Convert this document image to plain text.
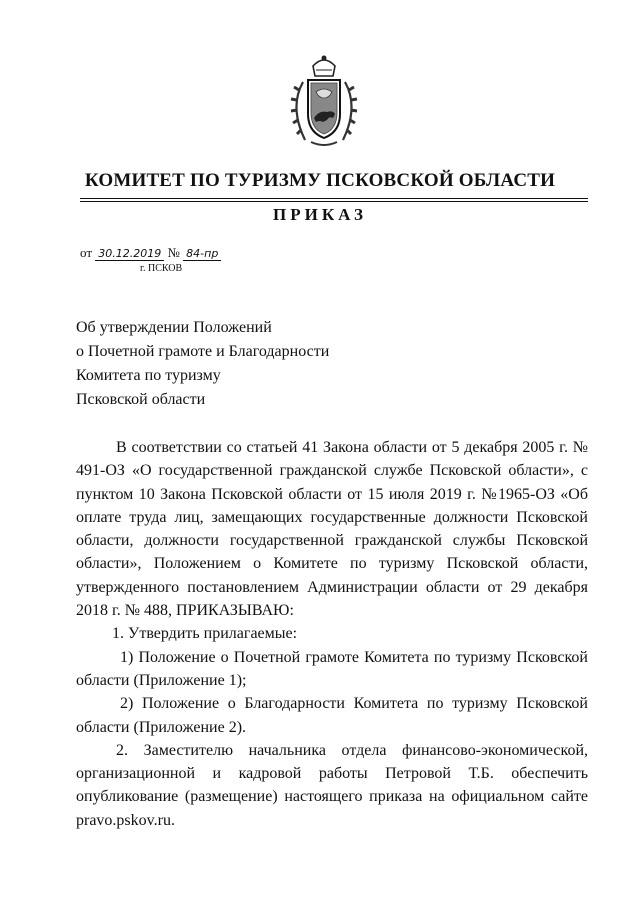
КОМИТЕТ ПО ТУРИЗМУ ПСКОВСКОЙ ОБЛАСТИ
ПРИКАЗ
от 30.12.2019 № 84-пр
г. ПСКОВ
Об утверждении Положений
о Почетной грамоте и Благодарности
Комитета по туризму
Псковской области

В соответствии со статьей 41 Закона области от 5 декабря 2005 г. № 491-ОЗ «О государственной гражданской службе Псковской области», с пунктом 10 Закона Псковской области от 15 июля 2019 г. №1965-ОЗ «Об оплате труда лиц, замещающих государственные должности Псковской области, должности государственной гражданской службы Псковской области», Положением о Комитете по туризму Псковской области, утвержденного постановлением Администрации области от 29 декабря 2018 г. № 488, ПРИКАЗЫВАЮ:

1. Утвердить прилагаемые:

1) Положение о Почетной грамоте Комитета по туризму Псковской области (Приложение 1);

2) Положение о Благодарности Комитета по туризму Псковской области (Приложение 2).

2. Заместителю начальника отдела финансово-экономической, организационной и кадровой работы Петровой Т.Б. обеспечить опубликование (размещение) настоящего приказа на официальном сайте pravo.pskov.ru.
